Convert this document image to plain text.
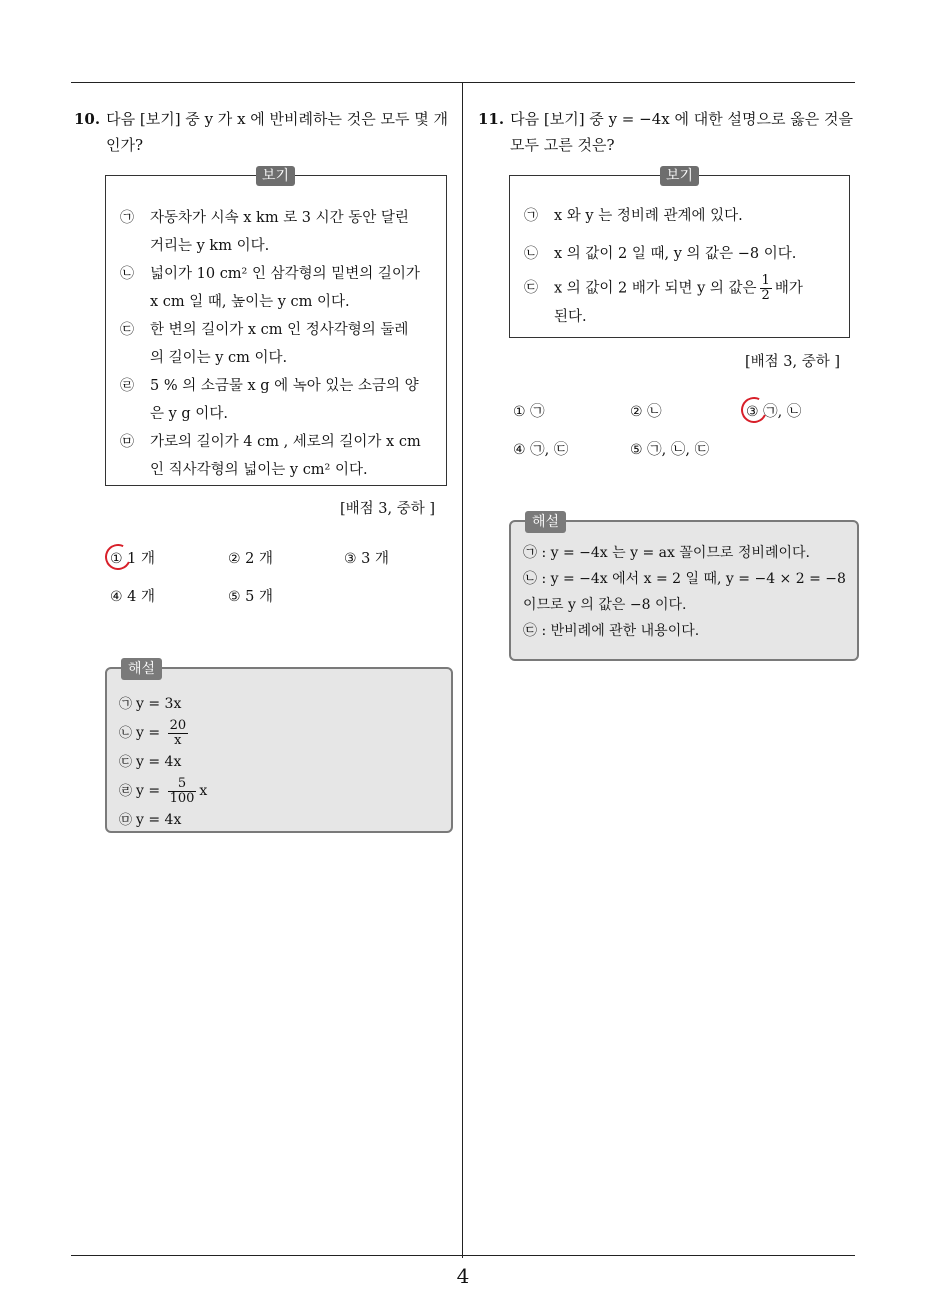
10. 다음 [보기] 중 y 가 x 에 반비례하는 것은 모두 몇 개
인가?
보기
㉠ 자동차가 시속 x km 로 3 시간 동안 달린
거리는 y km 이다.
㉡ 넓이가 10 cm² 인 삼각형의 밑변의 길이가
x cm 일 때, 높이는 y cm 이다.
㉢ 한 변의 길이가 x cm 인 정사각형의 둘레
의 길이는 y cm 이다.
㉣ 5 % 의 소금물 x g 에 녹아 있는 소금의 양
은 y g 이다.
㉤ 가로의 길이가 4 cm , 세로의 길이가 x cm
인 직사각형의 넓이는 y cm² 이다.
[배점 3, 중하 ]
① 1 개	② 2 개	③ 3 개
④ 4 개	⑤ 5 개
해설
㉠ y = 3x
㉡ $y = \frac{20}{x}$
㉢ y = 4x
㉣ $y = \frac{5}{100}$ x
㉤ y = 4x
11. 다음 [보기] 중 y = −4x 에 대한 설명으로 옳은 것을
모두 고른 것은?
보기
㉠ x 와 y 는 정비례 관계에 있다.
㉡ x 의 값이 2 일 때, y 의 값은 −8 이다.
㉢ x 의 값이 2 배가 되면 y 의 값은 $\frac{1}{2}$ 배가
된다.
[배점 3, 중하 ]
① ㉠	② ㉡	③ ㉠, ㉡
④ ㉠, ㉢	⑤ ㉠, ㉡, ㉢
해설
㉠ : y = −4x 는 y = ax 꼴이므로 정비례이다.
㉡ : y = −4x 에서 x = 2 일 때, y = −4 × 2 = −8
이므로 y 의 값은 −8 이다.
㉢ : 반비례에 관한 내용이다.
4
